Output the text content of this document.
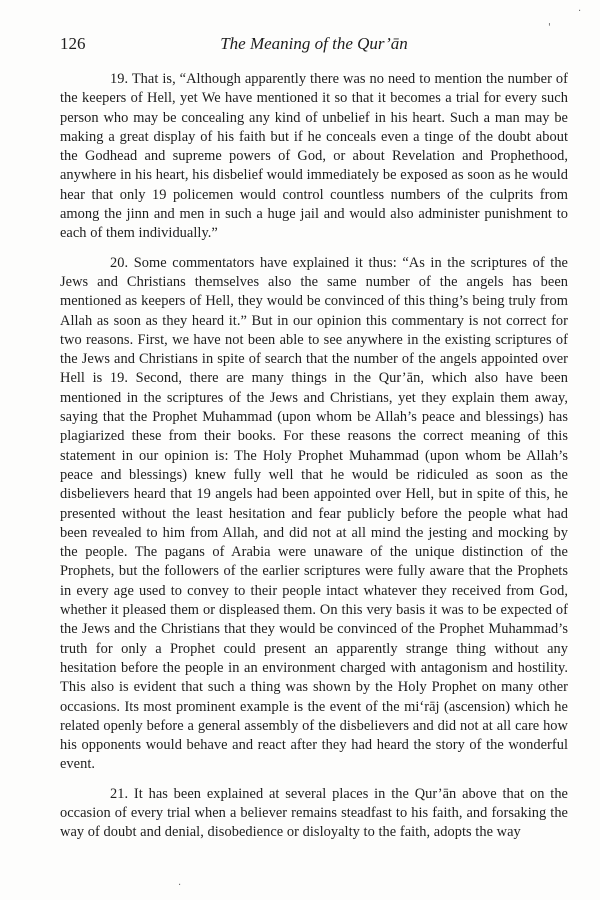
126	The Meaning of the Qur’ān

19. That is, “Although apparently there was no need to mention the number of the keepers of Hell, yet We have mentioned it so that it becomes a trial for every such person who may be concealing any kind of unbelief in his heart. Such a man may be making a great display of his faith but if he conceals even a tinge of the doubt about the Godhead and supreme powers of God, or about Revelation and Prophethood, anywhere in his heart, his disbelief would immediately be exposed as soon as he would hear that only 19 policemen would control countless numbers of the culprits from among the jinn and men in such a huge jail and would also administer punishment to each of them individually.”

20. Some commentators have explained it thus: “As in the scriptures of the Jews and Christians themselves also the same number of the angels has been mentioned as keepers of Hell, they would be convinced of this thing’s being truly from Allah as soon as they heard it.” But in our opinion this commentary is not correct for two reasons. First, we have not been able to see anywhere in the existing scriptures of the Jews and Christians in spite of search that the number of the angels appointed over Hell is 19. Second, there are many things in the Qur’ān, which also have been mentioned in the scriptures of the Jews and Christians, yet they explain them away, saying that the Prophet Muhammad (upon whom be Allah’s peace and blessings) has plagiarized these from their books. For these reasons the correct meaning of this statement in our opinion is: The Holy Prophet Muhammad (upon whom be Allah’s peace and blessings) knew fully well that he would be ridiculed as soon as the disbelievers heard that 19 angels had been appointed over Hell, but in spite of this, he presented without the least hesitation and fear publicly before the people what had been revealed to him from Allah, and did not at all mind the jesting and mocking by the people. The pagans of Arabia were unaware of the unique distinction of the Prophets, but the followers of the earlier scriptures were fully aware that the Prophets in every age used to convey to their people intact whatever they received from God, whether it pleased them or displeased them. On this very basis it was to be expected of the Jews and the Christians that they would be convinced of the Prophet Muhammad’s truth for only a Prophet could present an apparently strange thing without any hesitation before the people in an environment charged with antagonism and hostility. This also is evident that such a thing was shown by the Holy Prophet on many other occasions. Its most prominent example is the event of the mi‘rāj (ascension) which he related openly before a general assembly of the disbelievers and did not at all care how his opponents would behave and react after they had heard the story of the wonderful event.

21. It has been explained at several places in the Qur’ān above that on the occasion of every trial when a believer remains steadfast to his faith, and forsaking the way of doubt and denial, disobedience or disloyalty to the faith, adopts the way

'
·
·
